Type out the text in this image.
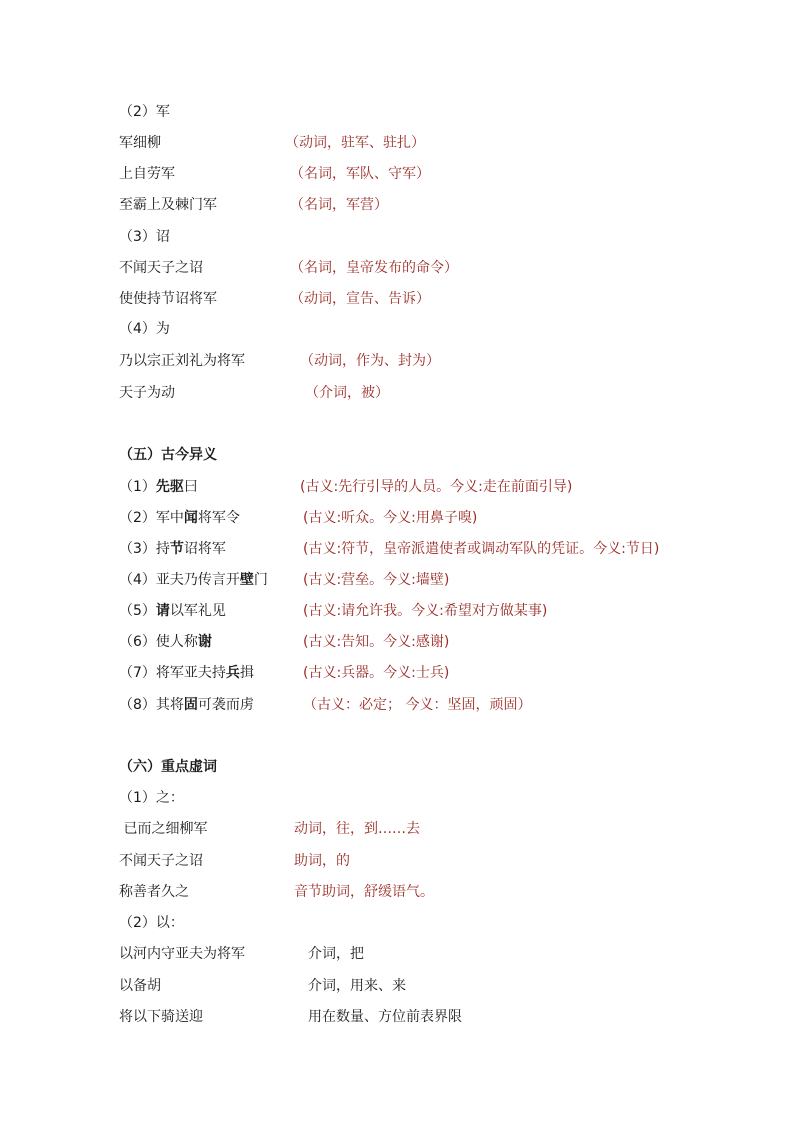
（2）军
军细柳	（动词，驻军、驻扎）
上自劳军	（名词，军队、守军）
至霸上及棘门军	（名词，军营）
（3）诏
不闻天子之诏	（名词，皇帝发布的命令）
使使持节诏将军	（动词，宣告、告诉）
（4）为
乃以宗正刘礼为将军	（动词，作为、封为）
天子为动	（介词，被）
（五）古今异义
（1）先驱曰	(古义:先行引导的人员。今义:走在前面引导)
（2）军中闻将军令	(古义:听众。今义:用鼻子嗅)
（3）持节诏将军	(古义:符节，皇帝派遣使者或调动军队的凭证。今义:节日)
（4）亚夫乃传言开壁门	(古义:营垒。今义:墙壁)
（5）请以军礼见	(古义:请允许我。今义:希望对方做某事)
（6）使人称谢	(古义:告知。今义:感谢)
（7）将军亚夫持兵揖	(古义:兵器。今义:士兵)
（8）其将固可袭而虏	（古义：必定； 今义：坚固，顽固）
（六）重点虚词
（1）之：
已而之细柳军	动词，往，到……去
不闻天子之诏	助词，的
称善者久之	音节助词，舒缓语气。
（2）以：
以河内守亚夫为将军	介词，把
以备胡	介词，用来、来
将以下骑送迎	用在数量、方位前表界限
